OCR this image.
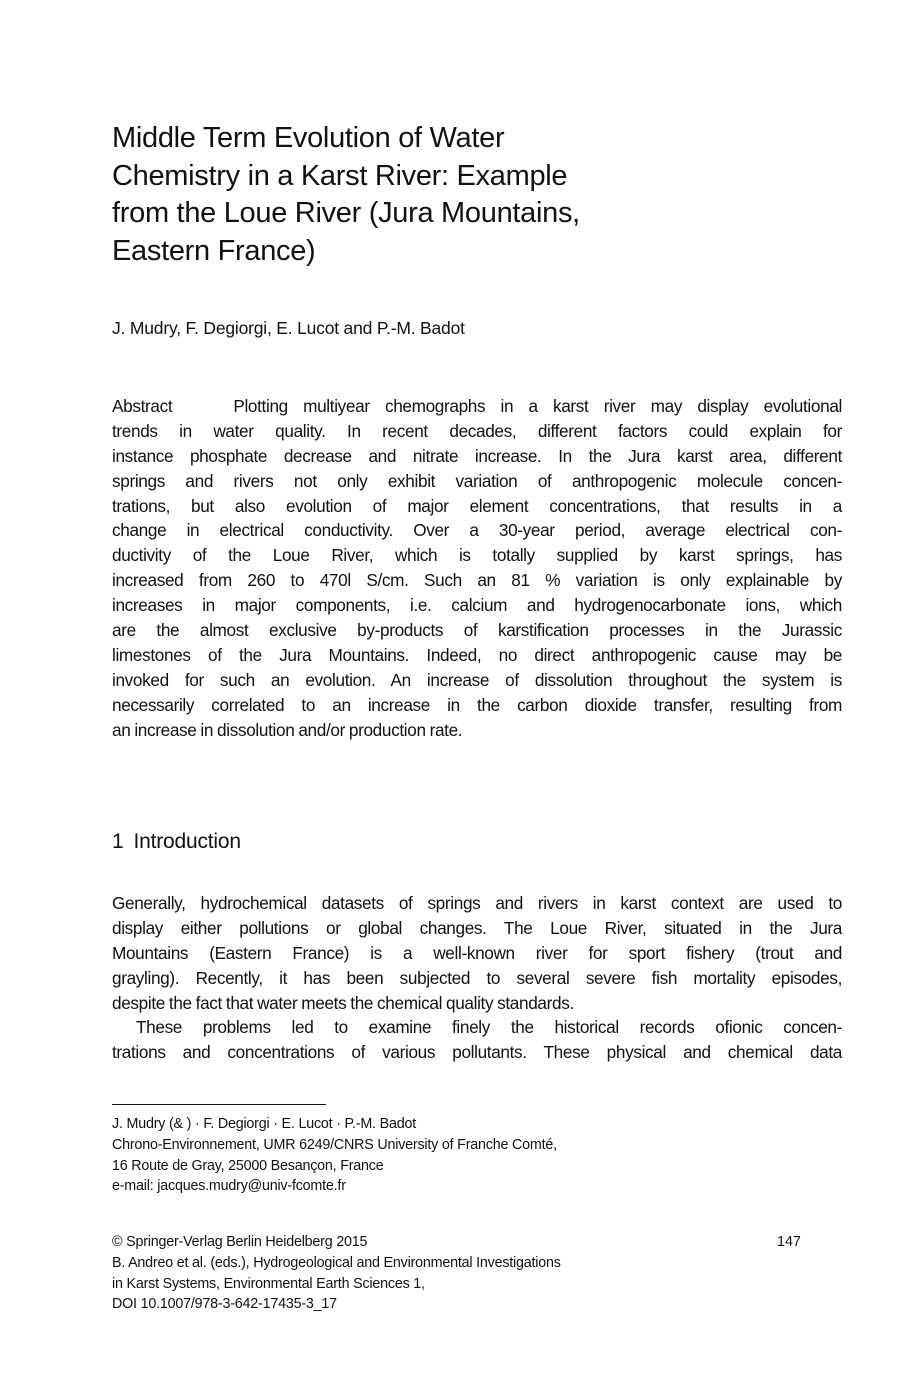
Middle Term Evolution of Water
Chemistry in a Karst River: Example
from the Loue River (Jura Mountains,
Eastern France)
J. Mudry, F. Degiorgi, E. Lucot and P.-M. Badot
Abstract	Plotting multiyear chemographs in a karst river may display evolutional
trends in water quality. In recent decades, different factors could explain for
instance phosphate decrease and nitrate increase. In the Jura karst area, different
springs and rivers not only exhibit variation of anthropogenic molecule concen-
trations, but also evolution of major element concentrations, that results in a
change in electrical conductivity. Over a 30-year period, average electrical con-
ductivity of the Loue River, which is totally supplied by karst springs, has
increased from 260 to 470l S/cm. Such an 81 % variation is only explainable by
increases in major components, i.e. calcium and hydrogenocarbonate ions, which
are the almost exclusive by-products of karstification processes in the Jurassic
limestones of the Jura Mountains. Indeed, no direct anthropogenic cause may be
invoked for such an evolution. An increase of dissolution throughout the system is
necessarily correlated to an increase in the carbon dioxide transfer, resulting from
an increase in dissolution and/or production rate.
1 Introduction
Generally, hydrochemical datasets of springs and rivers in karst context are used to
display either pollutions or global changes. The Loue River, situated in the Jura
Mountains (Eastern France) is a well-known river for sport fishery (trout and
grayling). Recently, it has been subjected to several severe fish mortality episodes,
despite the fact that water meets the chemical quality standards.
These problems led to examine finely the historical records ofionic concen-
trations and concentrations of various pollutants. These physical and chemical data
J. Mudry (& ) · F. Degiorgi · E. Lucot · P.-M. Badot
Chrono-Environnement, UMR 6249/CNRS University of Franche Comté,
16 Route de Gray, 25000 Besançon, France
e-mail: jacques.mudry@univ-fcomte.fr
© Springer-Verlag Berlin Heidelberg 2015
B. Andreo et al. (eds.), Hydrogeological and Environmental Investigations
in Karst Systems, Environmental Earth Sciences 1,
DOI 10.1007/978-3-642-17435-3_17
147
